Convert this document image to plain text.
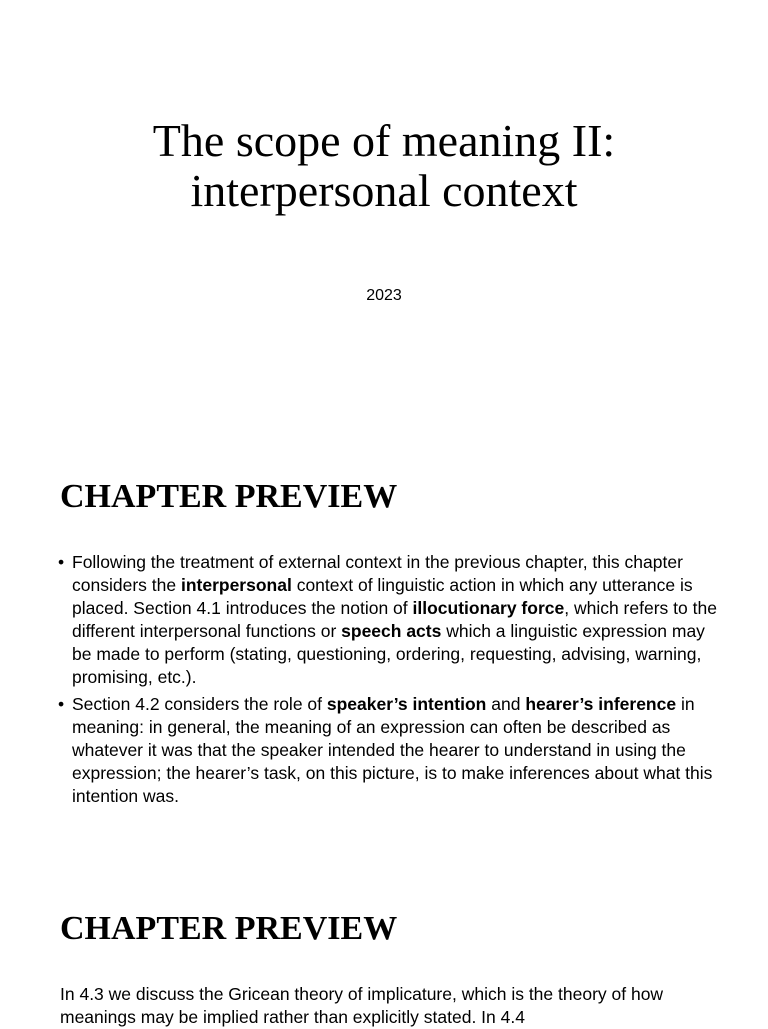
The scope of meaning II:
interpersonal context

2023

CHAPTER PREVIEW
• Following the treatment of external context in the previous chapter, this chapter considers the interpersonal context of linguistic action in which any utterance is placed. Section 4.1 introduces the notion of illocutionary force, which refers to the different interpersonal functions or speech acts which a linguistic expression may be made to perform (stating, questioning, ordering, requesting, advising, warning, promising, etc.).
• Section 4.2 considers the role of speaker’s intention and hearer’s inference in meaning: in general, the meaning of an expression can often be described as whatever it was that the speaker intended the hearer to understand in using the expression; the hearer’s task, on this picture, is to make inferences about what this intention was.
CHAPTER PREVIEW

In 4.3 we discuss the Gricean theory of implicature, which is the theory of how meanings may be implied rather than explicitly stated. In 4.4
